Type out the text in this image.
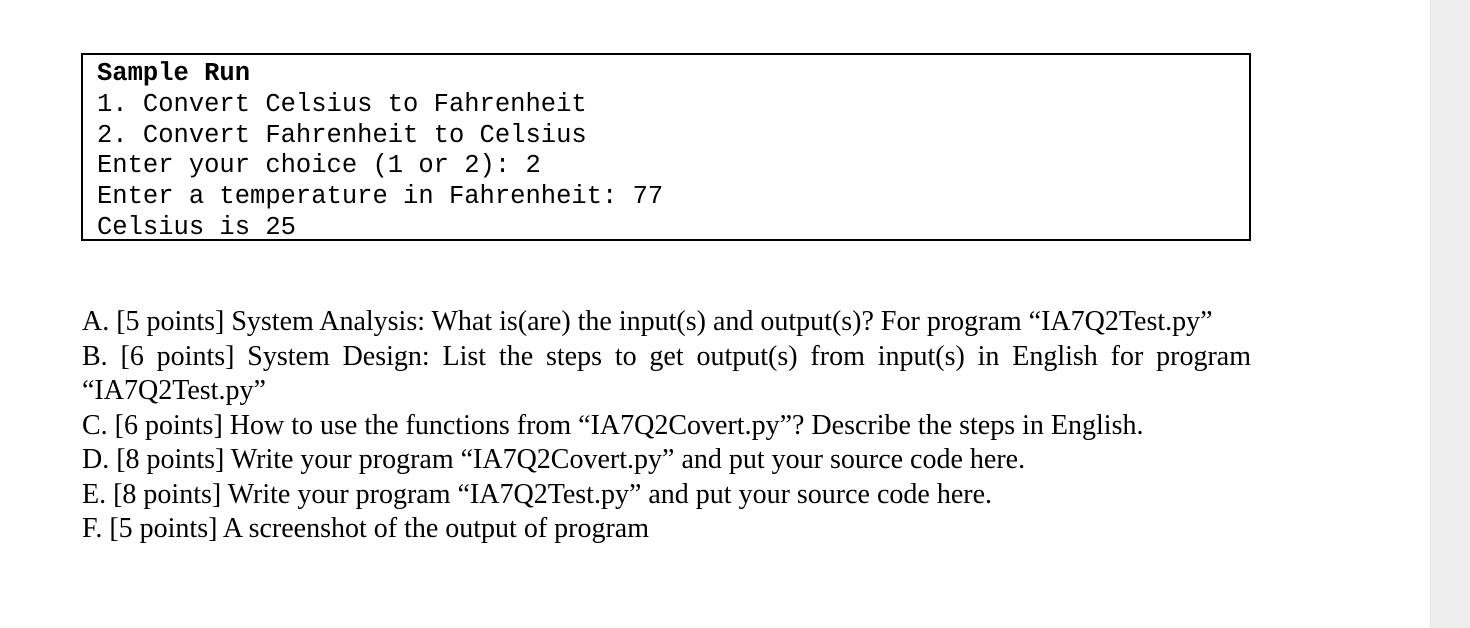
Sample Run
1. Convert Celsius to Fahrenheit
2. Convert Fahrenheit to Celsius
Enter your choice (1 or 2): 2
Enter a temperature in Fahrenheit: 77
Celsius is 25
A. [5 points] System Analysis: What is(are) the input(s) and output(s)? For program “IA7Q2Test.py”
B. [6 points] System Design: List the steps to get output(s) from input(s) in English for program “IA7Q2Test.py”
C. [6 points] How to use the functions from “IA7Q2Covert.py”? Describe the steps in English.
D. [8 points] Write your program “IA7Q2Covert.py” and put your source code here.
E. [8 points] Write your program “IA7Q2Test.py” and put your source code here.
F. [5 points] A screenshot of the output of program
